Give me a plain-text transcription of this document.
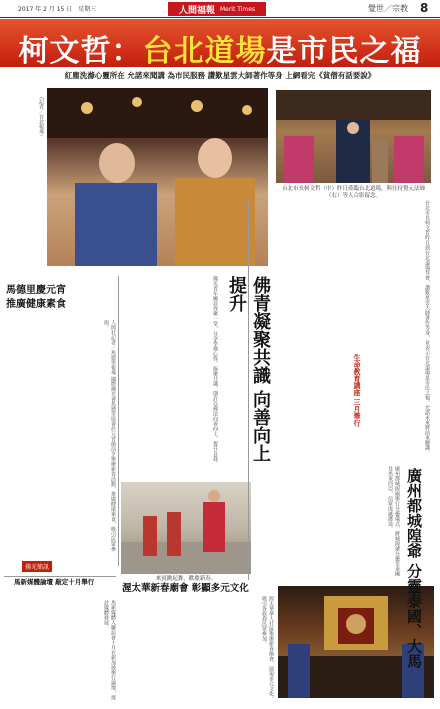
2017 年 2 月 15 日　星期三	人間福報 Merit Times	覺世／宗教 8
柯文哲：台北道場是市民之福
紅塵洗滌心靈所在 允諾來聞講 為市民服務 讚歎星雲大師著作等身 上網看完《貧僧有話要說》
台北市長柯文哲（中）昨日蒞臨台北道場，與住持覺元法師（右）等人合影留念。
來賓跳起舞，歡慶新春。
佛青凝聚共識 向善向上提升
廣州都城隍爺 分靈泰國、大馬
馬德里慶元宵 推廣健康素食
渥太華新春廟會 彰顯多元文化
佛光簡訊
生命教育講座 三月舉行
馬新媒體論壇 敲定十月舉行
（記者／台北報導）
人間社記者／馬德里報導 國際佛光會馬德里協會於元宵節前夕舉辦新春活動，推廣健康素食，吸引民眾參與。	佛光青年團員齊聚一堂，分享學佛心得，凝聚共識，期許以佛法向善向上，提升自我。	台北市長柯文哲昨日到台北道場拜會，讚歎星雲大師著作等身，並表示台北道場是市民之福，允諾未來將前來聽講。
廣州都城隍廟舉行分靈儀式，將城隍爺分靈至泰國及馬來西亞，信眾虔誠護送。
馬新媒體人聯誼會十月在新加坡舉行論壇，探討媒體發展。	渥太華華人社區舉辦新春廟會，展現多元文化，吸引各族裔民眾參加。
